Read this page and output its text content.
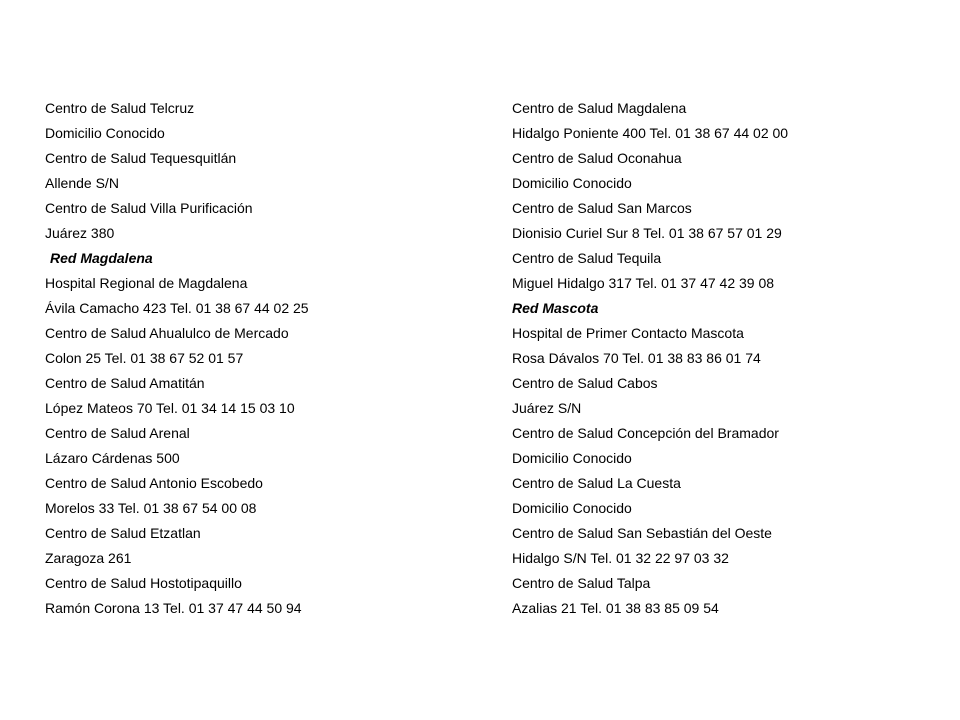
Centro de Salud Telcruz
Domicilio Conocido
Centro de Salud Tequesquitlán
Allende S/N
Centro de Salud Villa Purificación
Juárez 380
Red Magdalena
Hospital Regional de Magdalena
Ávila Camacho 423 Tel. 01 38 67 44 02 25
Centro de Salud Ahualulco de Mercado
Colon 25 Tel. 01 38 67 52 01 57
Centro de Salud Amatitán
López Mateos 70 Tel. 01 34 14 15 03 10
Centro de Salud Arenal
Lázaro Cárdenas 500
Centro de Salud Antonio Escobedo
Morelos 33 Tel. 01 38 67 54 00 08
Centro de Salud Etzatlan
Zaragoza 261
Centro de Salud Hostotipaquillo
Ramón Corona 13 Tel. 01 37 47 44 50 94
Centro de Salud Magdalena
Hidalgo Poniente 400 Tel. 01 38 67 44 02 00
Centro de Salud Oconahua
Domicilio Conocido
Centro de Salud San Marcos
Dionisio Curiel Sur 8 Tel. 01 38 67 57 01 29
Centro de Salud Tequila
Miguel Hidalgo 317 Tel. 01 37 47 42 39 08
Red Mascota
Hospital de Primer Contacto Mascota
Rosa Dávalos 70 Tel. 01 38 83 86 01 74
Centro de Salud Cabos
Juárez S/N
Centro de Salud Concepción del Bramador
Domicilio Conocido
Centro de Salud La Cuesta
Domicilio Conocido
Centro de Salud San Sebastián del Oeste
Hidalgo S/N Tel. 01 32 22 97 03 32
Centro de Salud Talpa
Azalias 21 Tel. 01 38 83 85 09 54
